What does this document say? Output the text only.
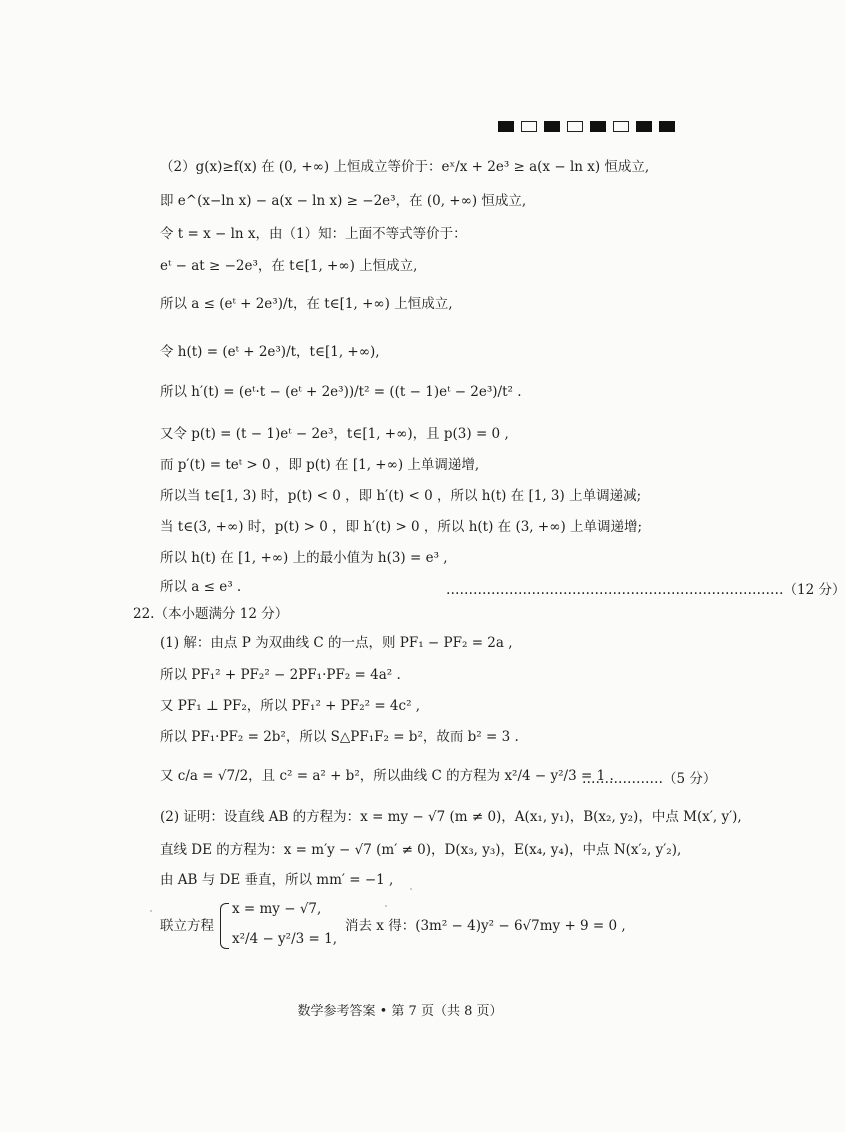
（2）g(x)≥f(x) 在 (0, +∞) 上恒成立等价于：eˣ/x + 2e³ ≥ a(x − ln x) 恒成立,
即 e^(x−ln x) − a(x − ln x) ≥ −2e³，在 (0, +∞) 恒成立,
令 t = x − ln x，由（1）知：上面不等式等价于：
eᵗ − at ≥ −2e³，在 t∈[1, +∞) 上恒成立,
所以 a ≤ (eᵗ + 2e³)/t，在 t∈[1, +∞) 上恒成立,
令 h(t) = (eᵗ + 2e³)/t，t∈[1, +∞),
所以 h′(t) = (eᵗ·t − (eᵗ + 2e³))/t² = ((t − 1)eᵗ − 2e³)/t² .
又令 p(t) = (t − 1)eᵗ − 2e³，t∈[1, +∞)，且 p(3) = 0 ,
而 p′(t) = teᵗ > 0 ，即 p(t) 在 [1, +∞) 上单调递增,
所以当 t∈[1, 3) 时，p(t) < 0 ，即 h′(t) < 0 ，所以 h(t) 在 [1, 3) 上单调递减;
当 t∈(3, +∞) 时，p(t) > 0 ，即 h′(t) > 0 ，所以 h(t) 在 (3, +∞) 上单调递增;
所以 h(t) 在 [1, +∞) 上的最小值为 h(3) = e³ ,
所以 a ≤ e³ .
(1) 解：由点 P 为双曲线 C 的一点，则 PF₁ − PF₂ = 2a ,
所以 PF₁² + PF₂² − 2PF₁·PF₂ = 4a² .
又 PF₁ ⊥ PF₂，所以 PF₁² + PF₂² = 4c² ,
所以 PF₁·PF₂ = 2b²，所以 S△PF₁F₂ = b²，故而 b² = 3 .
又 c/a = √7/2，且 c² = a² + b²，所以曲线 C 的方程为 x²/4 − y²/3 = 1 .
(2) 证明：设直线 AB 的方程为：x = my − √7 (m ≠ 0)，A(x₁, y₁)，B(x₂, y₂)，中点 M(x′, y′),
直线 DE 的方程为：x = m′y − √7 (m′ ≠ 0)，D(x₃, y₃)，E(x₄, y₄)，中点 N(x′₂, y′₂),
由 AB 与 DE 垂直，所以 mm′ = −1 ,
…………………………………………………………………（12 分）
22.（本小题满分 12 分）
………………（5 分）
联立方程
x = my − √7,
x²/4 − y²/3 = 1,
消去 x 得：(3m² − 4)y² − 6√7my + 9 = 0 ,
数学参考答案 • 第 7 页（共 8 页）
